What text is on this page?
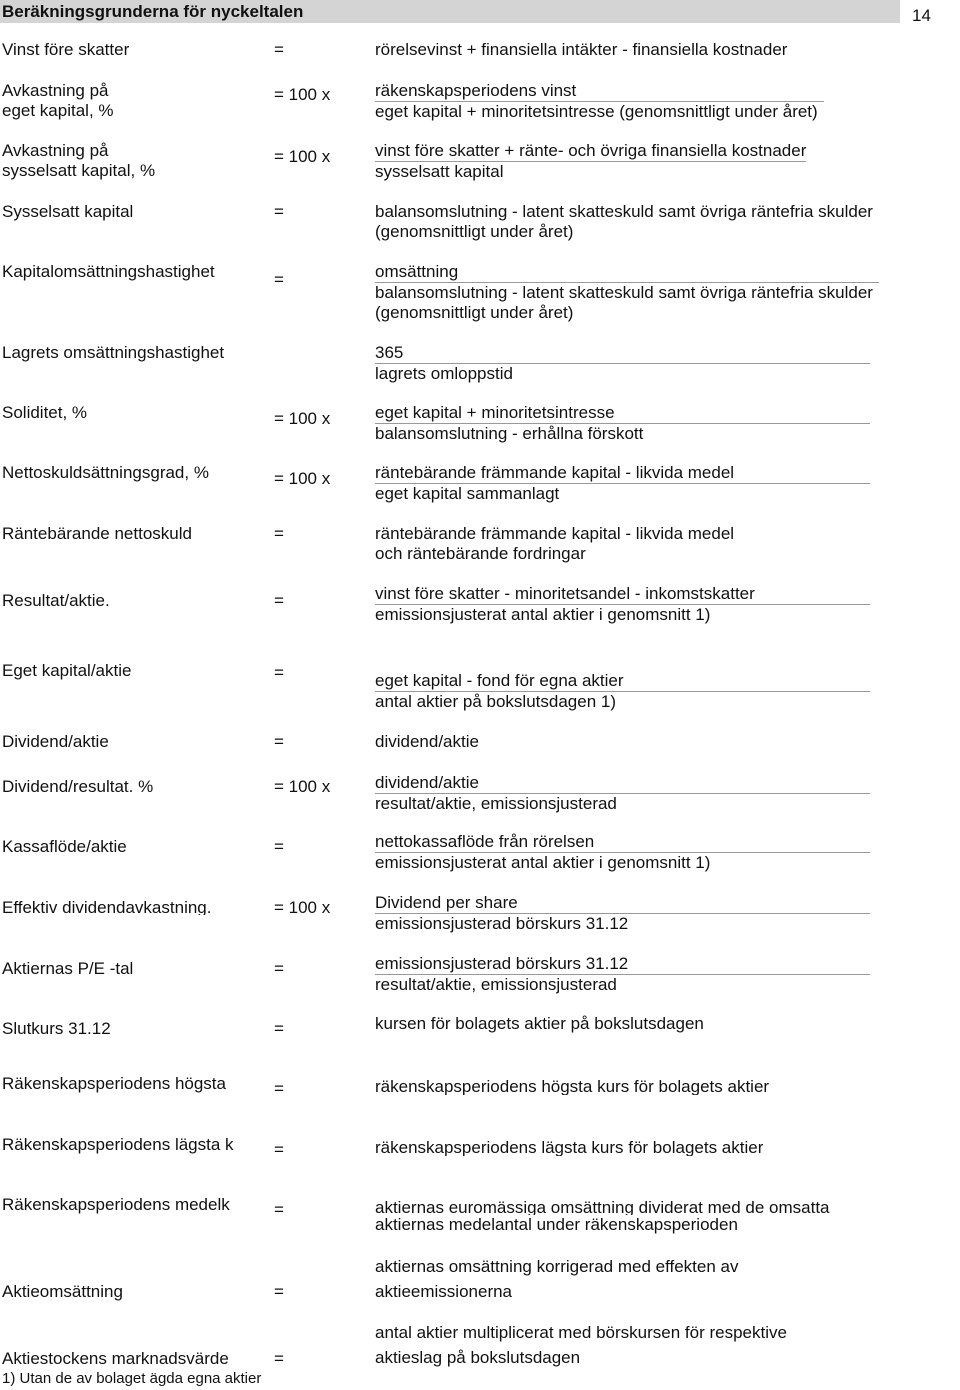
Beräkningsgrunderna för nyckeltalen	14
Vinst före skatter	=	rörelsevinst + finansiella intäkter - finansiella kostnader
Avkastning på
eget kapital, %
= 100 x	räkenskapsperiodens vinst
eget kapital + minoritetsintresse (genomsnittligt under året)
Avkastning på
sysselsatt kapital, %
= 100 x	vinst före skatter + ränte- och övriga finansiella kostnader
sysselsatt kapital
Sysselsatt kapital	=	balansomslutning - latent skatteskuld samt övriga räntefria skulder
(genomsnittligt under året)
Kapitalomsättningshastighet	=	omsättning
balansomslutning - latent skatteskuld samt övriga räntefria skulder
(genomsnittligt under året)
Lagrets omsättningshastighet	365
lagrets omloppstid
Soliditet, %	= 100 x	eget kapital + minoritetsintresse
balansomslutning - erhållna förskott
Nettoskuldsättningsgrad, %	= 100 x	räntebärande främmande kapital - likvida medel
eget kapital sammanlagt
Räntebärande nettoskuld	=	räntebärande främmande kapital - likvida medel
och räntebärande fordringar
Resultat/aktie.	=	vinst före skatter - minoritetsandel - inkomstskatter
emissionsjusterat antal aktier i genomsnitt 1)
Eget kapital/aktie	=	eget kapital - fond för egna aktier
antal aktier på bokslutsdagen 1)
Dividend/aktie	=	dividend/aktie
Dividend/resultat. %	= 100 x	dividend/aktie
resultat/aktie, emissionsjusterad
Kassaflöde/aktie	=	nettokassaflöde från rörelsen
emissionsjusterat antal aktier i genomsnitt 1)
Effektiv dividendavkastning.	= 100 x	Dividend per share
emissionsjusterad börskurs 31.12
Aktiernas P/E -tal	=	emissionsjusterad börskurs 31.12
resultat/aktie, emissionsjusterad
Slutkurs 31.12	=	kursen för bolagets aktier på bokslutsdagen
Räkenskapsperiodens högsta	=	räkenskapsperiodens högsta kurs för bolagets aktier
Räkenskapsperiodens lägsta k	=	räkenskapsperiodens lägsta kurs för bolagets aktier
Räkenskapsperiodens medelk	=	aktiernas euromässiga omsättning dividerat med de omsatta
aktiernas medelantal under räkenskapsperioden
Aktieomsättning	=
aktiernas omsättning korrigerad med effekten av
aktieemissionerna
Aktiestockens marknadsvärde	=
antal aktier multiplicerat med börskursen för respektive
aktieslag på bokslutsdagen
1) Utan de av bolaget ägda egna aktier
